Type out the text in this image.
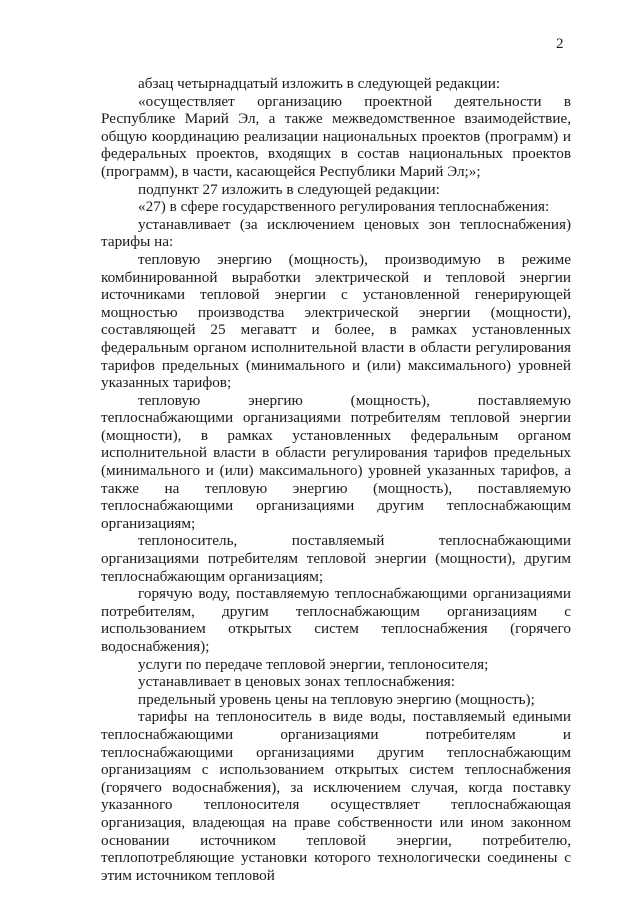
2

абзац четырнадцатый изложить в следующей редакции:

«осуществляет организацию проектной деятельности в Республике Марий Эл, а также межведомственное взаимодействие, общую координацию реализации национальных проектов (программ) и федеральных проектов, входящих в состав национальных проектов (программ), в части, касающейся Республики Марий Эл;»;

подпункт 27 изложить в следующей редакции:

«27) в сфере государственного регулирования теплоснабжения:

устанавливает (за исключением ценовых зон теплоснабжения) тарифы на:

тепловую энергию (мощность), производимую в режиме комбинированной выработки электрической и тепловой энергии источниками тепловой энергии с установленной генерирующей мощностью производства электрической энергии (мощности), составляющей 25 мегаватт и более, в рамках установленных федеральным органом исполнительной власти в области регулирования тарифов предельных (минимального и (или) максимального) уровней указанных тарифов;

тепловую энергию (мощность), поставляемую теплоснабжающими организациями потребителям тепловой энергии (мощности), в рамках установленных федеральным органом исполнительной власти в области регулирования тарифов предельных (минимального и (или) максимального) уровней указанных тарифов, а также на тепловую энергию (мощность), поставляемую теплоснабжающими организациями другим теплоснабжающим организациям;

теплоноситель, поставляемый теплоснабжающими организациями потребителям тепловой энергии (мощности), другим теплоснабжающим организациям;

горячую воду, поставляемую теплоснабжающими организациями потребителям, другим теплоснабжающим организациям с использованием открытых систем теплоснабжения (горячего водоснабжения);

услуги по передаче тепловой энергии, теплоносителя;

устанавливает в ценовых зонах теплоснабжения:

предельный уровень цены на тепловую энергию (мощность);

тарифы на теплоноситель в виде воды, поставляемый едиными теплоснабжающими организациями потребителям и теплоснабжающими организациями другим теплоснабжающим организациям с использованием открытых систем теплоснабжения (горячего водоснабжения), за исключением случая, когда поставку указанного теплоносителя осуществляет теплоснабжающая организация, владеющая на праве собственности или ином законном основании источником тепловой энергии, потребителю, теплопотребляющие установки которого технологически соединены с этим источником тепловой
